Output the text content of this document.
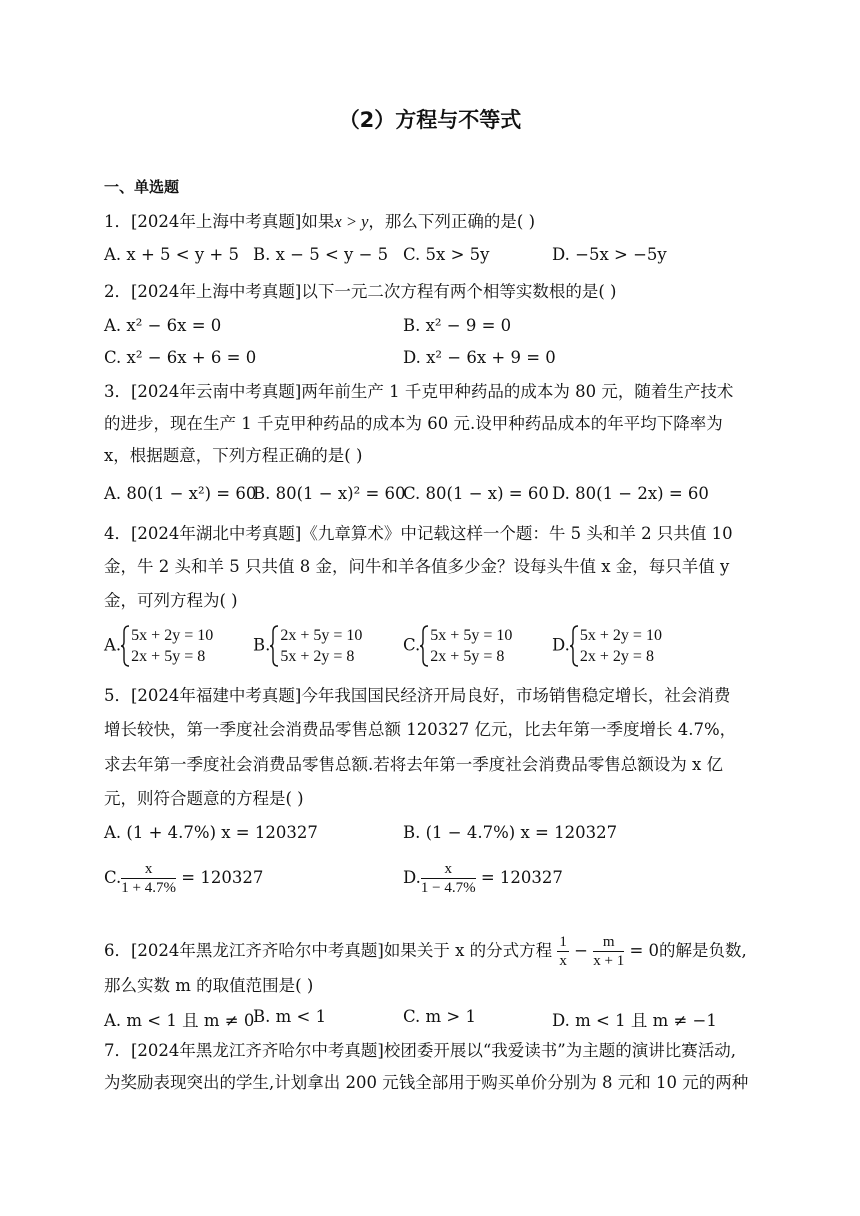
（2）方程与不等式
一、单选题
1．[2024年上海中考真题]如果x > y，那么下列正确的是( )
A. x + 5 < y + 5 B. x − 5 < y − 5 C. 5x > 5y	D. −5x > −5y
2．[2024年上海中考真题]以下一元二次方程有两个相等实数根的是( )
A. x² − 6x = 0	B. x² − 9 = 0
C. x² − 6x + 6 = 0	D. x² − 6x + 9 = 0
3．[2024年云南中考真题]两年前生产 1 千克甲种药品的成本为 80 元，随着生产技术
的进步，现在生产 1 千克甲种药品的成本为 60 元.设甲种药品成本的年平均下降率为
x，根据题意，下列方程正确的是( )
A. 80(1 − x²) = 60
B. 80(1 − x)² = 60
C. 80(1 − x) = 60 D. 80(1 − 2x) = 60
4．[2024年湖北中考真题]《九章算术》中记载这样一个题：牛 5 头和羊 2 只共值 10
金，牛 2 头和羊 5 只共值 8 金，问牛和羊各值多少金？设每头牛值 x 金，每只羊值 y
金，可列方程为( )
A. 5x + 2y = 10
2x + 5y = 8
B. 2x + 5y = 10
5x + 2y = 8
C. 5x + 5y = 10
2x + 5y = 8
D. 5x + 2y = 10
2x + 2y = 8
5．[2024年福建中考真题]今年我国国民经济开局良好，市场销售稳定增长，社会消费
增长较快，第一季度社会消费品零售总额 120327 亿元，比去年第一季度增长 4.7%，
求去年第一季度社会消费品零售总额.若将去年第一季度社会消费品零售总额设为 x 亿
元，则符合题意的方程是( )
A. (1 + 4.7%) x = 120327	B. (1 − 4.7%) x = 120327
C. $\frac{x}{1 + 4.7\%} = 120327$	D. $\frac{x}{1 - 4.7\%} = 120327$
6．[2024年黑龙江齐齐哈尔中考真题]如果关于 x 的分式方程 $\frac{1}{x} - \frac{m}{x + 1} = 0$的解是负数,
那么实数 m 的取值范围是( )
A. m < 1 且 m ≠ 0
B. m < 1	C. m > 1	D. m < 1 且 m ≠ −1
7．[2024年黑龙江齐齐哈尔中考真题]校团委开展以“我爱读书”为主题的演讲比赛活动,
为奖励表现突出的学生,计划拿出 200 元钱全部用于购买单价分别为 8 元和 10 元的两种
